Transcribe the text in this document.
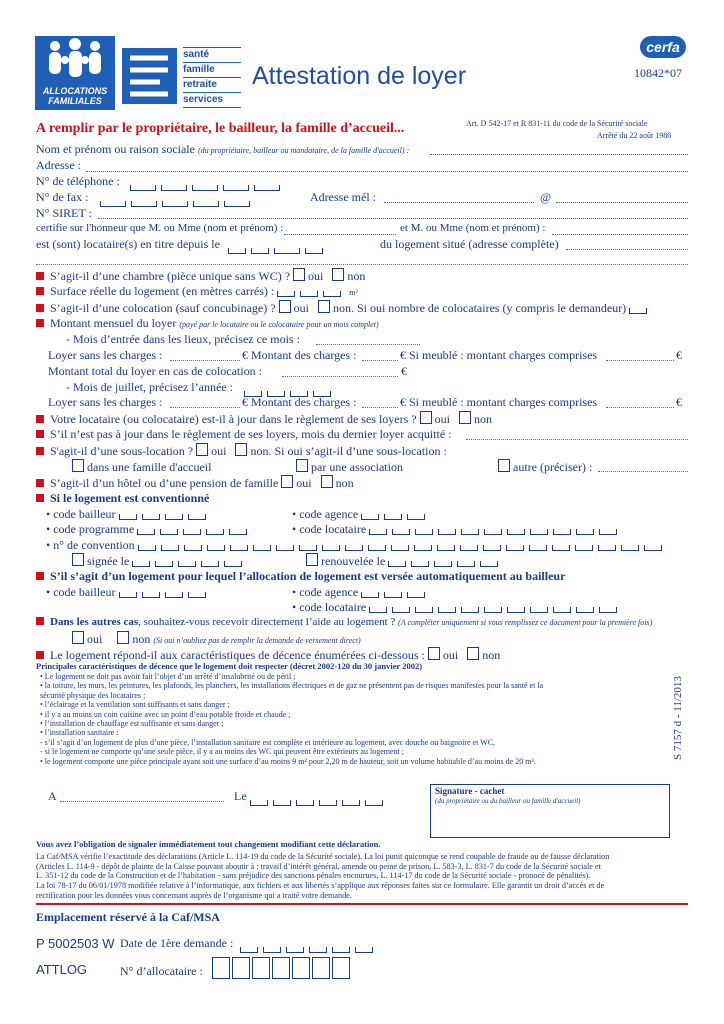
ALLOCATIONS FAMILIALES
santé
famille
retraite
services
Attestation de loyer
cerfa
10842*07
A remplir par le propriétaire, le bailleur, la famille d’accueil...	Art. D 542-17 et R 831-11 du code de la Sécurité sociale
Arrêté du 22 août 1986
Nom et prénom ou raison sociale (du propriétaire, bailleur ou mandataire, de la famille d'accueil) :
Adresse :
N° de téléphone :
N° de fax :	Adresse mél :	@
N° SIRET :
certifie sur l'honneur que M. ou Mme (nom et prénom) :	et M. ou Mme (nom et prénom) :
est (sont) locataire(s) en titre depuis le	du logement situé (adresse complète)
S’agit-il d’une chambre (pièce unique sans WC) ? oui non
Surface réelle du logement (en mètres carrés) :	m²
S’agit-il d’une colocation (sauf concubinage) ? oui non. Si oui nombre de colocataires (y compris le demandeur)
Montant mensuel du loyer (payé par le locataire ou le colocataire pour un mois complet)
- Mois d’entrée dans les lieux, précisez ce mois :
Loyer sans les charges :	€ Montant des charges :	€ Si meublé : montant charges comprises	€
Montant total du loyer en cas de colocation :	€
- Mois de juillet, précisez l’année :
Loyer sans les charges :	€ Montant des charges :	€ Si meublé : montant charges comprises	€
Votre locataire (ou colocataire) est-il à jour dans le règlement de ses loyers ? oui non
S’il n’est pas à jour dans le règlement de ses loyers, mois du dernier loyer acquitté :
S'agit-il d’une sous-location ? oui non. Si oui s’agit-il d’une sous-location :
dans une famille d'accueil	par une association	autre (préciser) :
S’agit-il d’un hôtel ou d’une pension de famille oui non
Si le logement est conventionné
• code bailleur	• code agence
• code programme	• code locataire
• n° de convention
signée le	renouvelée le
S’il s’agit d’un logement pour lequel l’allocation de logement est versée automatiquement au bailleur
• code bailleur	• code agence
• code locataire
Dans les autres cas, souhaitez-vous recevoir directement l’aide au logement ? (A compléter uniquement si vous remplissez ce document pour la première fois)
oui	non (Si oui n’oubliez pas de remplir la demande de versement direct)
Le logement répond-il aux caractéristiques de décence énumérées ci-dessous : oui non
Principales caractéristiques de décence que le logement doit respecter (décret 2002-120 du 30 janvier 2002)
• Le logement ne doit pas avoir fait l’objet d’un arrêté d’insalubrité ou de péril ;
• la toiture, les murs, les peintures, les plafonds, les planchers, les installations électriques et de gaz ne présentent pas de risques manifestes pour la santé et la
sécurité physique des locataires ;
• l’éclairage et la ventilation sont suffisants et sans danger ;
• il y a au moins un coin cuisine avec un point d’eau potable froide et chaude ;
• l’installation de chauffage est suffisante et sans danger ;
• l’installation sanitaire :
- s’il s’agit d’un logement de plus d’une pièce, l’installation sanitaire est complète et intérieure au logement, avec douche ou baignoire et WC,
- si le logement ne comporte qu’une seule pièce, il y a au moins des WC qui peuvent être extérieurs au logement ;
• le logement comporte une pièce principale ayant soit une surface d’au moins 9 m² pour 2,20 m de hauteur, soit un volume habitable d’au moins de 20 m³.
S 7157 d - 11/2013
A	Le	Signature - cachet
(du propriétaire ou du bailleur ou famille d'accueil)
Vous avez l’obligation de signaler immédiatement tout changement modifiant cette déclaration.
La Caf/MSA vérifie l’exactitude des déclarations (Article L. 114-19 du code de la Sécurité sociale). La loi punit quiconque se rend coupable de fraude ou de fausse déclaration
(Articles L. 114-9 - dépôt de plainte de la Caisse pouvant aboutir à : travail d’intérêt général, amende ou peine de prison, L. 583-3, L. 831-7 du code de la Sécurité sociale et
L. 351-12 du code de la Construction et de l’habitation - sans préjudice des sanctions pénales encourues, L. 114-17 du code de la Sécurité sociale - pronocé de pénalités).
La loi 78-17 du 06/01/1978 modifiée relative à l’informatique, aux fichiers et aux libertés s’applique aux réponses faites sur ce formulaire. Elle garantit un droit d’accès et de
rectification pour les données vous concernant auprès de l’organisme qui a traité votre demande.
Emplacement réservé à la Caf/MSA
P 5002503 W Date de 1ère demande :
ATTLOG	N° d’allocataire :
